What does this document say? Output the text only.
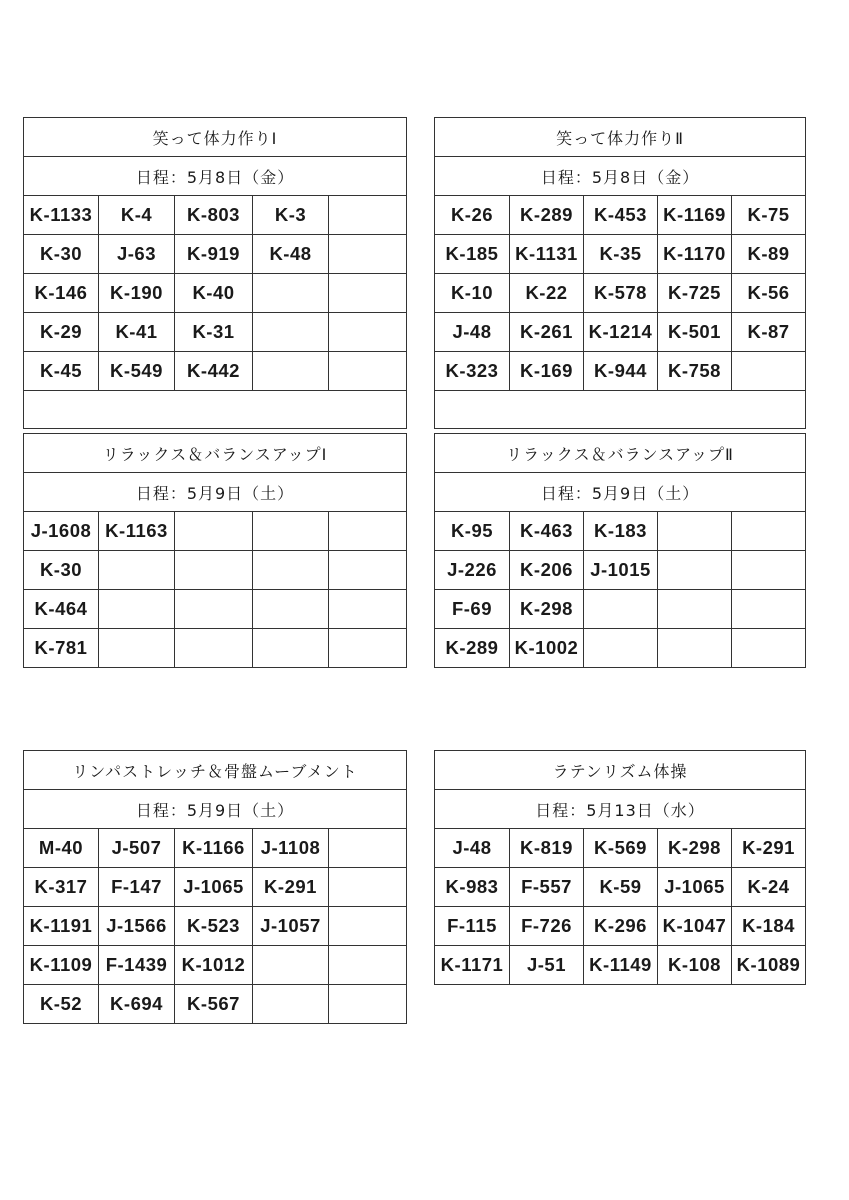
笑って体力作りⅠ				
日程：5月8日（金）				
K-1133	K-4	K-803	K-3	
K-30	J-63	K-919	K-48	
K-146	K-190	K-40		
K-29	K-41	K-31		
K-45	K-549	K-442		

笑って体力作りⅡ				
日程：5月8日（金）				
K-26	K-289	K-453	K-1169	K-75
K-185	K-1131	K-35	K-1170	K-89
K-10	K-22	K-578	K-725	K-56
J-48	K-261	K-1214	K-501	K-87
K-323	K-169	K-944	K-758	

リラックス＆バランスアップⅠ				
日程：5月9日（土）				
J-1608	K-1163			
K-30				
K-464				
K-781				
リラックス＆バランスアップⅡ				
日程：5月9日（土）				
K-95	K-463	K-183		
J-226	K-206	J-1015		
F-69	K-298			
K-289	K-1002			
リンパストレッチ＆骨盤ムーブメント				
日程：5月9日（土）				
M-40	J-507	K-1166	J-1108	
K-317	F-147	J-1065	K-291	
K-1191	J-1566	K-523	J-1057	
K-1109	F-1439	K-1012		
K-52	K-694	K-567		
ラテンリズム体操				
日程：5月13日（水）				
J-48	K-819	K-569	K-298	K-291
K-983	F-557	K-59	J-1065	K-24
F-115	F-726	K-296	K-1047	K-184
K-1171	J-51	K-1149	K-108	K-1089
